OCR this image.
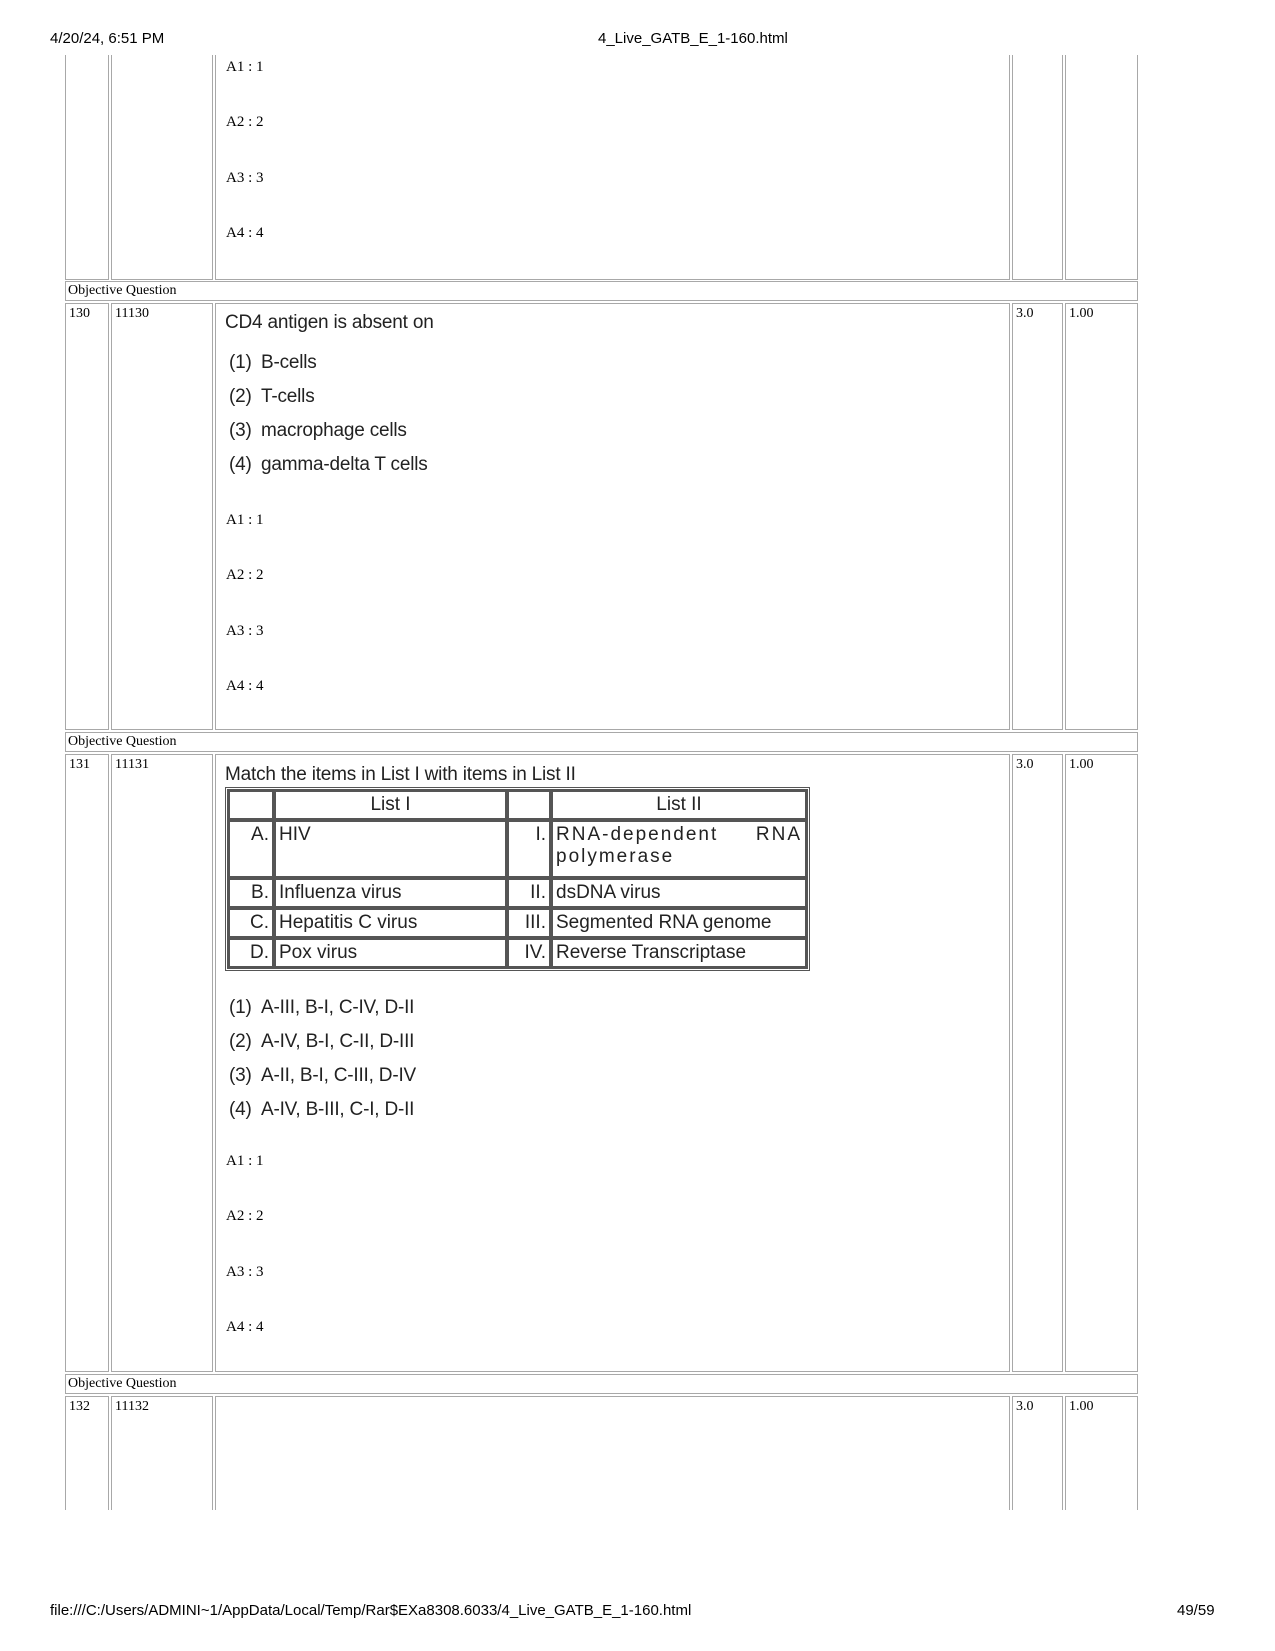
4/20/24, 6:51 PM	4_Live_GATB_E_1-160.html
A1 : 1
A2 : 2
A3 : 3
A4 : 4
Objective Question
130 11130	CD4 antigen is absent on
(1) B-cells
(2) T-cells
(3) macrophage cells
(4) gamma-delta T cells
A1 : 1
A2 : 2
A3 : 3
A4 : 4
3.0	1.00
Objective Question
131 11131	Match the items in List I with items in List II
	List I		List II
A.	HIV	I.	RNA-dependent RNA
polymerase

B.	Influenza virus	II.	dsDNA virus
C.	Hepatitis C virus	III.	Segmented RNA genome
D.	Pox virus	IV.	Reverse Transcriptase
(1) A-III, B-I, C-IV, D-II
(2) A-IV, B-I, C-II, D-III
(3) A-II, B-I, C-III, D-IV
(4) A-IV, B-III, C-I, D-II
A1 : 1
A2 : 2
A3 : 3
A4 : 4
3.0	1.00
Objective Question
132 11132	3.0	1.00
file:///C:/Users/ADMINI~1/AppData/Local/Temp/Rar$EXa8308.6033/4_Live_GATB_E_1-160.html	49/59
